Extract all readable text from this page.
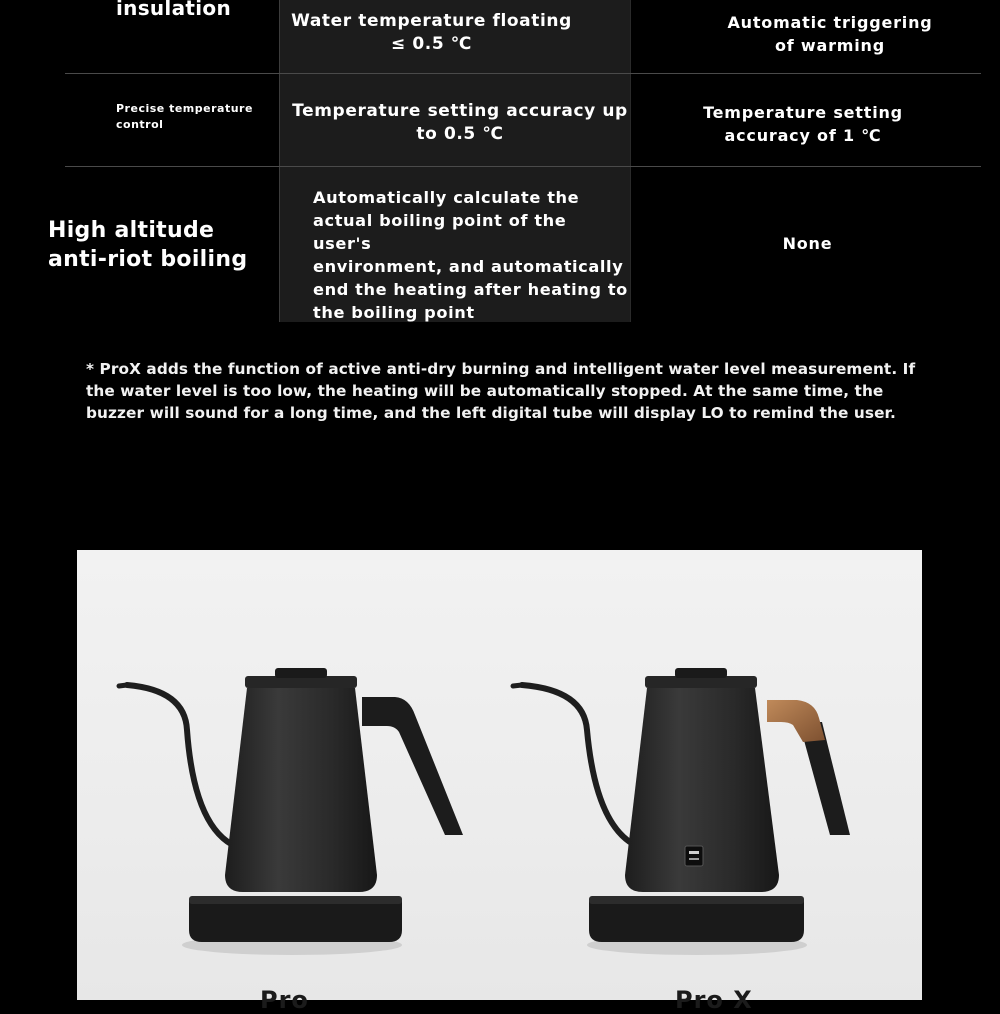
insulation
Water temperature floating
≤ 0.5 ℃
Automatic triggering
of warming
Precise temperature
control
Temperature setting accuracy up
to 0.5 ℃
Temperature setting
accuracy of 1 ℃
High altitude
anti-riot boiling
Automatically calculate the
actual boiling point of the user's
environment, and automatically
end the heating after heating to
the boiling point
None
* ProX adds the function of active anti-dry burning and intelligent water level measurement. If the water level is too low, the heating will be automatically stopped. At the same time, the buzzer will sound for a long time, and the left digital tube will display LO to remind the user.
Pro	Pro X
